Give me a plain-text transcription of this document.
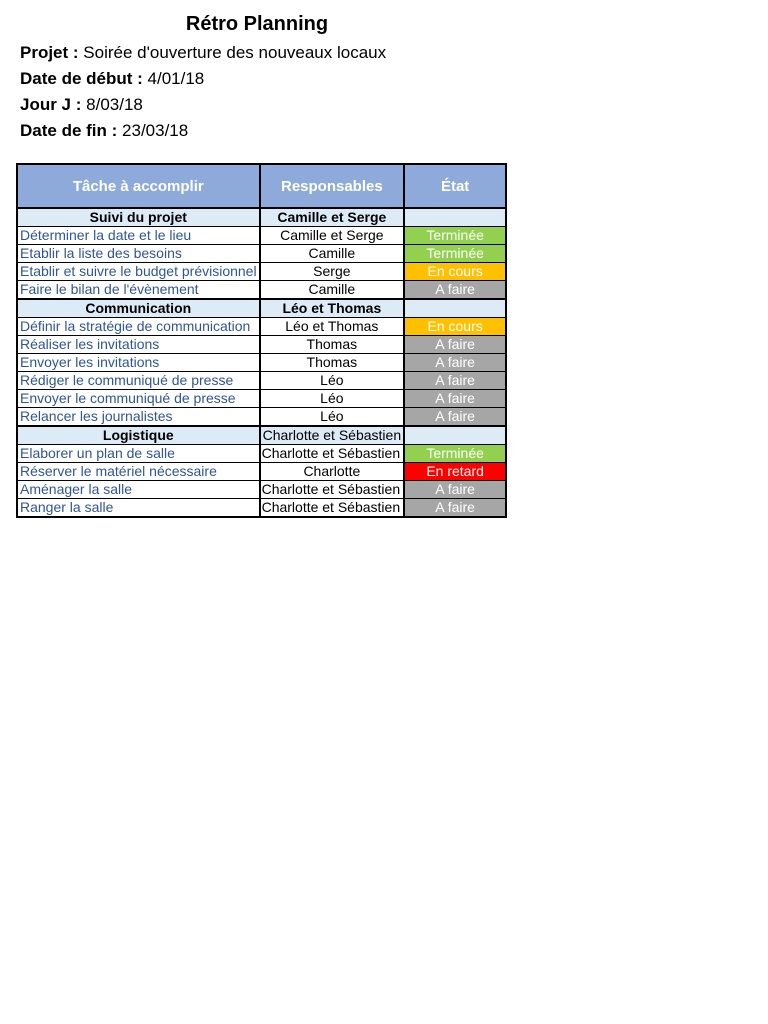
Rétro Planning
Projet : Soirée d'ouverture des nouveaux locaux
Date de début : 4/01/18
Jour J : 8/03/18
Date de fin : 23/03/18
Tâche à accomplir	Responsables	État
Suivi du projet	Camille et Serge	
Déterminer la date et le lieu	Camille et Serge	Terminée
Etablir la liste des besoins	Camille	Terminée
Etablir et suivre le budget prévisionnel	Serge	En cours
Faire le bilan de l'évènement	Camille	A faire
Communication	Léo et Thomas	
Définir la stratégie de communication	Léo et Thomas	En cours
Réaliser les invitations	Thomas	A faire
Envoyer les invitations	Thomas	A faire
Rédiger le communiqué de presse	Léo	A faire
Envoyer le communiqué de presse	Léo	A faire
Relancer les journalistes	Léo	A faire
Logistique	Charlotte et Sébastien	
Elaborer un plan de salle	Charlotte et Sébastien	Terminée
Réserver le matériel nécessaire	Charlotte	En retard
Aménager la salle	Charlotte et Sébastien	A faire
Ranger la salle	Charlotte et Sébastien	A faire
